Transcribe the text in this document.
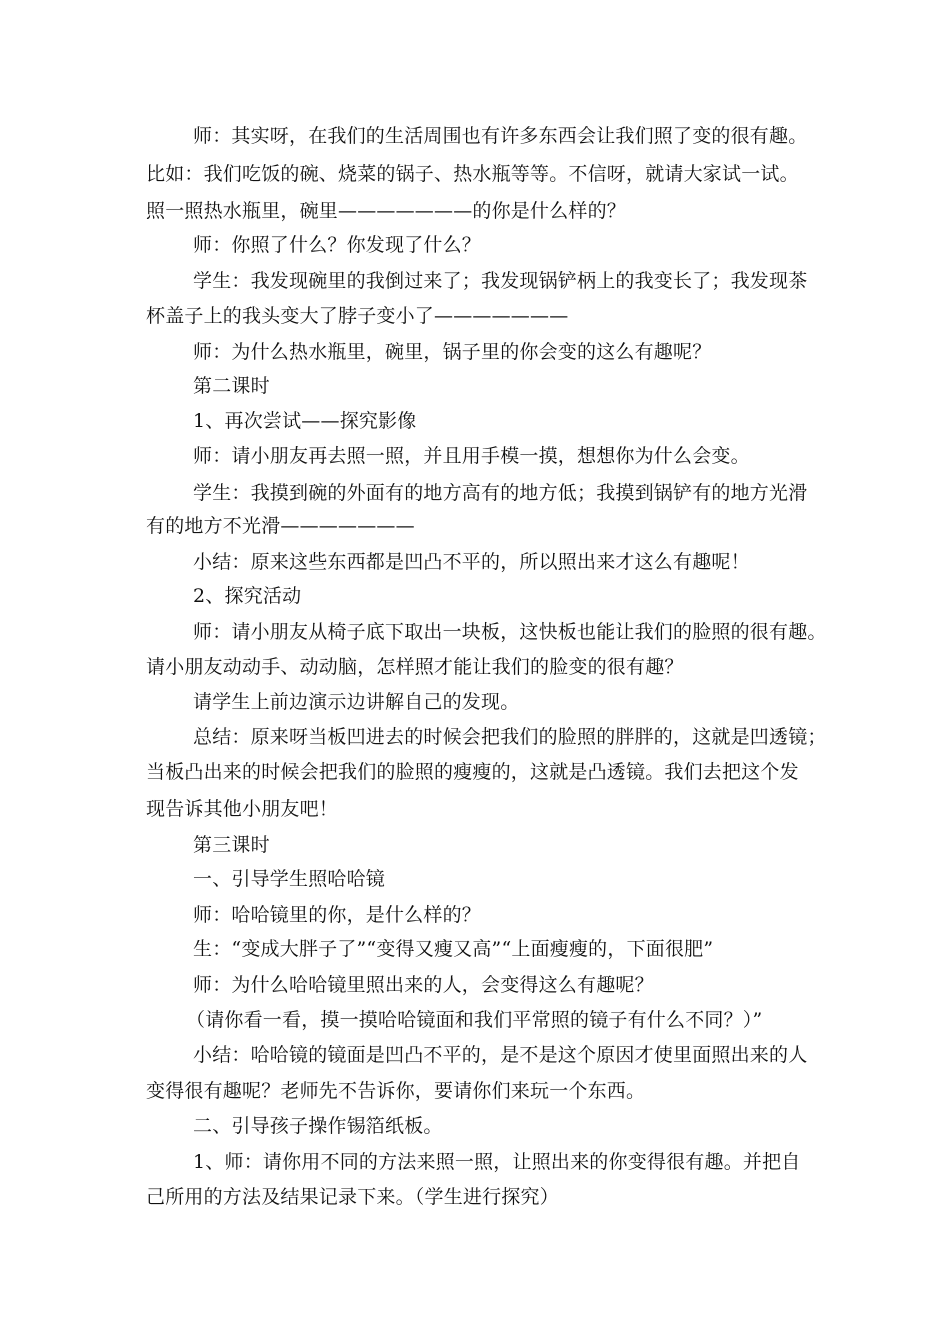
师：其实呀，在我们的生活周围也有许多东西会让我们照了变的很有趣。
比如：我们吃饭的碗、烧菜的锅子、热水瓶等等。不信呀，就请大家试一试。
照一照热水瓶里，碗里———————的你是什么样的？
师：你照了什么？你发现了什么？
学生：我发现碗里的我倒过来了；我发现锅铲柄上的我变长了；我发现茶
杯盖子上的我头变大了脖子变小了———————
师：为什么热水瓶里，碗里，锅子里的你会变的这么有趣呢？
第二课时
1、再次尝试——探究影像
师：请小朋友再去照一照，并且用手模一摸，想想你为什么会变。
学生：我摸到碗的外面有的地方高有的地方低；我摸到锅铲有的地方光滑
有的地方不光滑———————
小结：原来这些东西都是凹凸不平的，所以照出来才这么有趣呢！
2、探究活动
师：请小朋友从椅子底下取出一块板，这快板也能让我们的脸照的很有趣。
请小朋友动动手、动动脑，怎样照才能让我们的脸变的很有趣？
请学生上前边演示边讲解自己的发现。
总结：原来呀当板凹进去的时候会把我们的脸照的胖胖的，这就是凹透镜；
当板凸出来的时候会把我们的脸照的瘦瘦的，这就是凸透镜。我们去把这个发
现告诉其他小朋友吧！
第三课时
一、引导学生照哈哈镜
师：哈哈镜里的你，是什么样的？
生：“变成大胖子了”“变得又瘦又高”“上面瘦瘦的，下面很肥”
师：为什么哈哈镜里照出来的人，会变得这么有趣呢？
（请你看一看，摸一摸哈哈镜面和我们平常照的镜子有什么不同？）”
小结：哈哈镜的镜面是凹凸不平的，是不是这个原因才使里面照出来的人
变得很有趣呢？老师先不告诉你，要请你们来玩一个东西。
二、引导孩子操作锡箔纸板。
1、师：请你用不同的方法来照一照，让照出来的你变得很有趣。并把自
己所用的方法及结果记录下来。（学生进行探究）
